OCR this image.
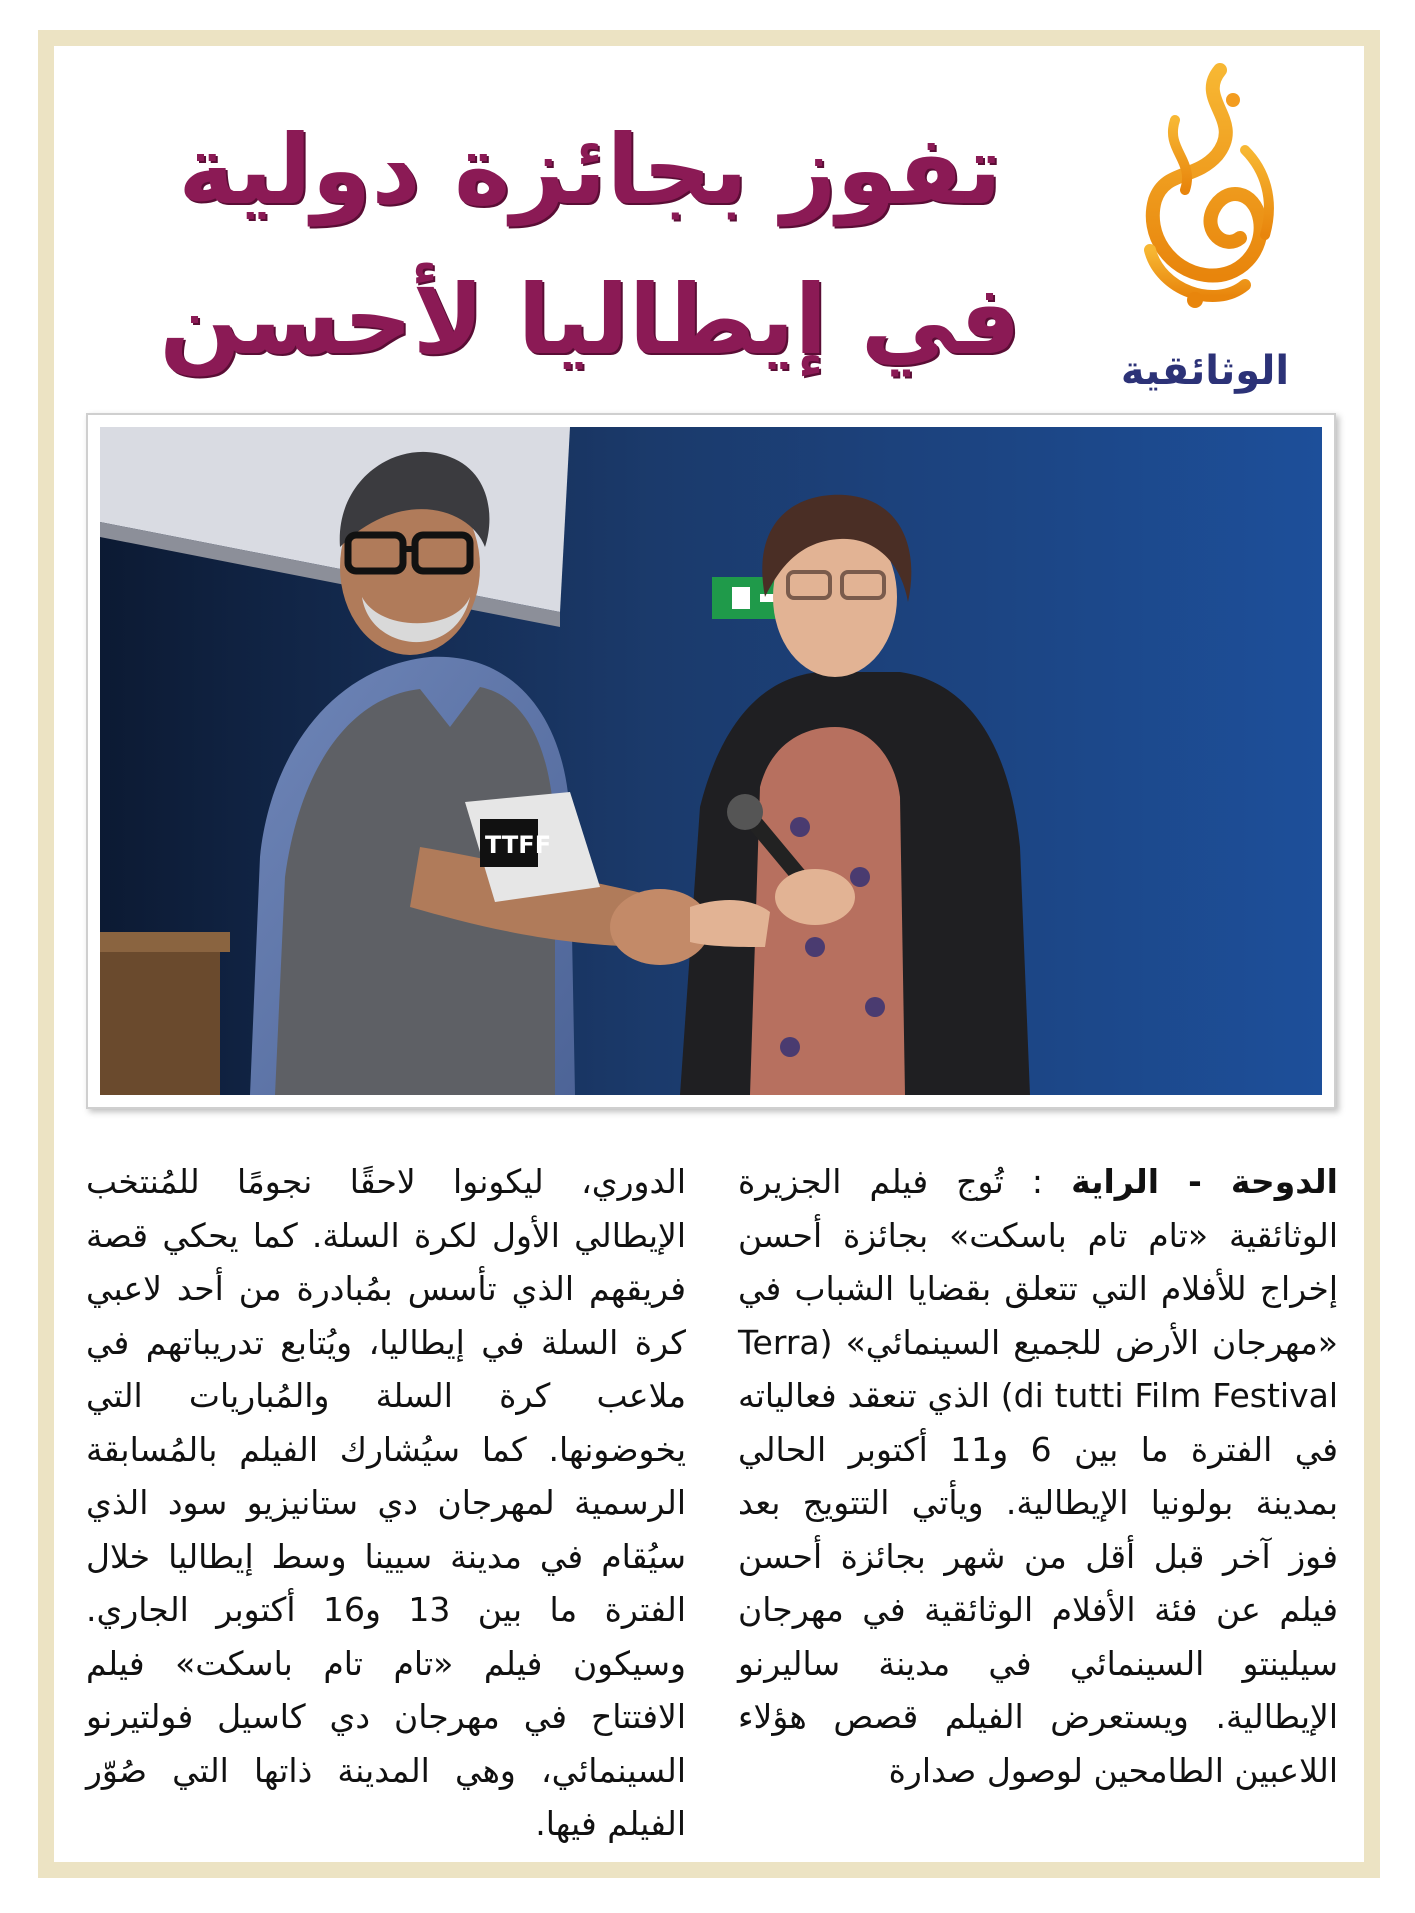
الوثائقية
تفوز بجائزة دولية
في إيطاليا لأحسن
TTFF
الدوحة - الراية : تُوج فيلم الجزيرة الوثائقية «تام تام باسكت» بجائزة أحسن إخراج للأفلام التي تتعلق بقضايا الشباب في «مهرجان الأرض للجميع السينمائي» (Terra di tutti Film Festival) الذي تنعقد فعالياته في الفترة ما بين 6 و11 أكتوبر الحالي بمدينة بولونيا الإيطالية. ويأتي التتويج بعد فوز آخر قبل أقل من شهر بجائزة أحسن فيلم عن فئة الأفلام الوثائقية في مهرجان سيلينتو السينمائي في مدينة ساليرنو الإيطالية. ويستعرض الفيلم قصص هؤلاء اللاعبين الطامحين لوصول صدارة
الدوري، ليكونوا لاحقًا نجومًا للمُنتخب الإيطالي الأول لكرة السلة. كما يحكي قصة فريقهم الذي تأسس بمُبادرة من أحد لاعبي كرة السلة في إيطاليا، ويُتابع تدريباتهم في ملاعب كرة السلة والمُباريات التي يخوضونها. كما سيُشارك الفيلم بالمُسابقة الرسمية لمهرجان دي ستانيزيو سود الذي سيُقام في مدينة سيينا وسط إيطاليا خلال الفترة ما بين 13 و16 أكتوبر الجاري. وسيكون فيلم «تام تام باسكت» فيلم الافتتاح في مهرجان دي كاسيل فولتيرنو السينمائي، وهي المدينة ذاتها التي صُوّر الفيلم فيها.
